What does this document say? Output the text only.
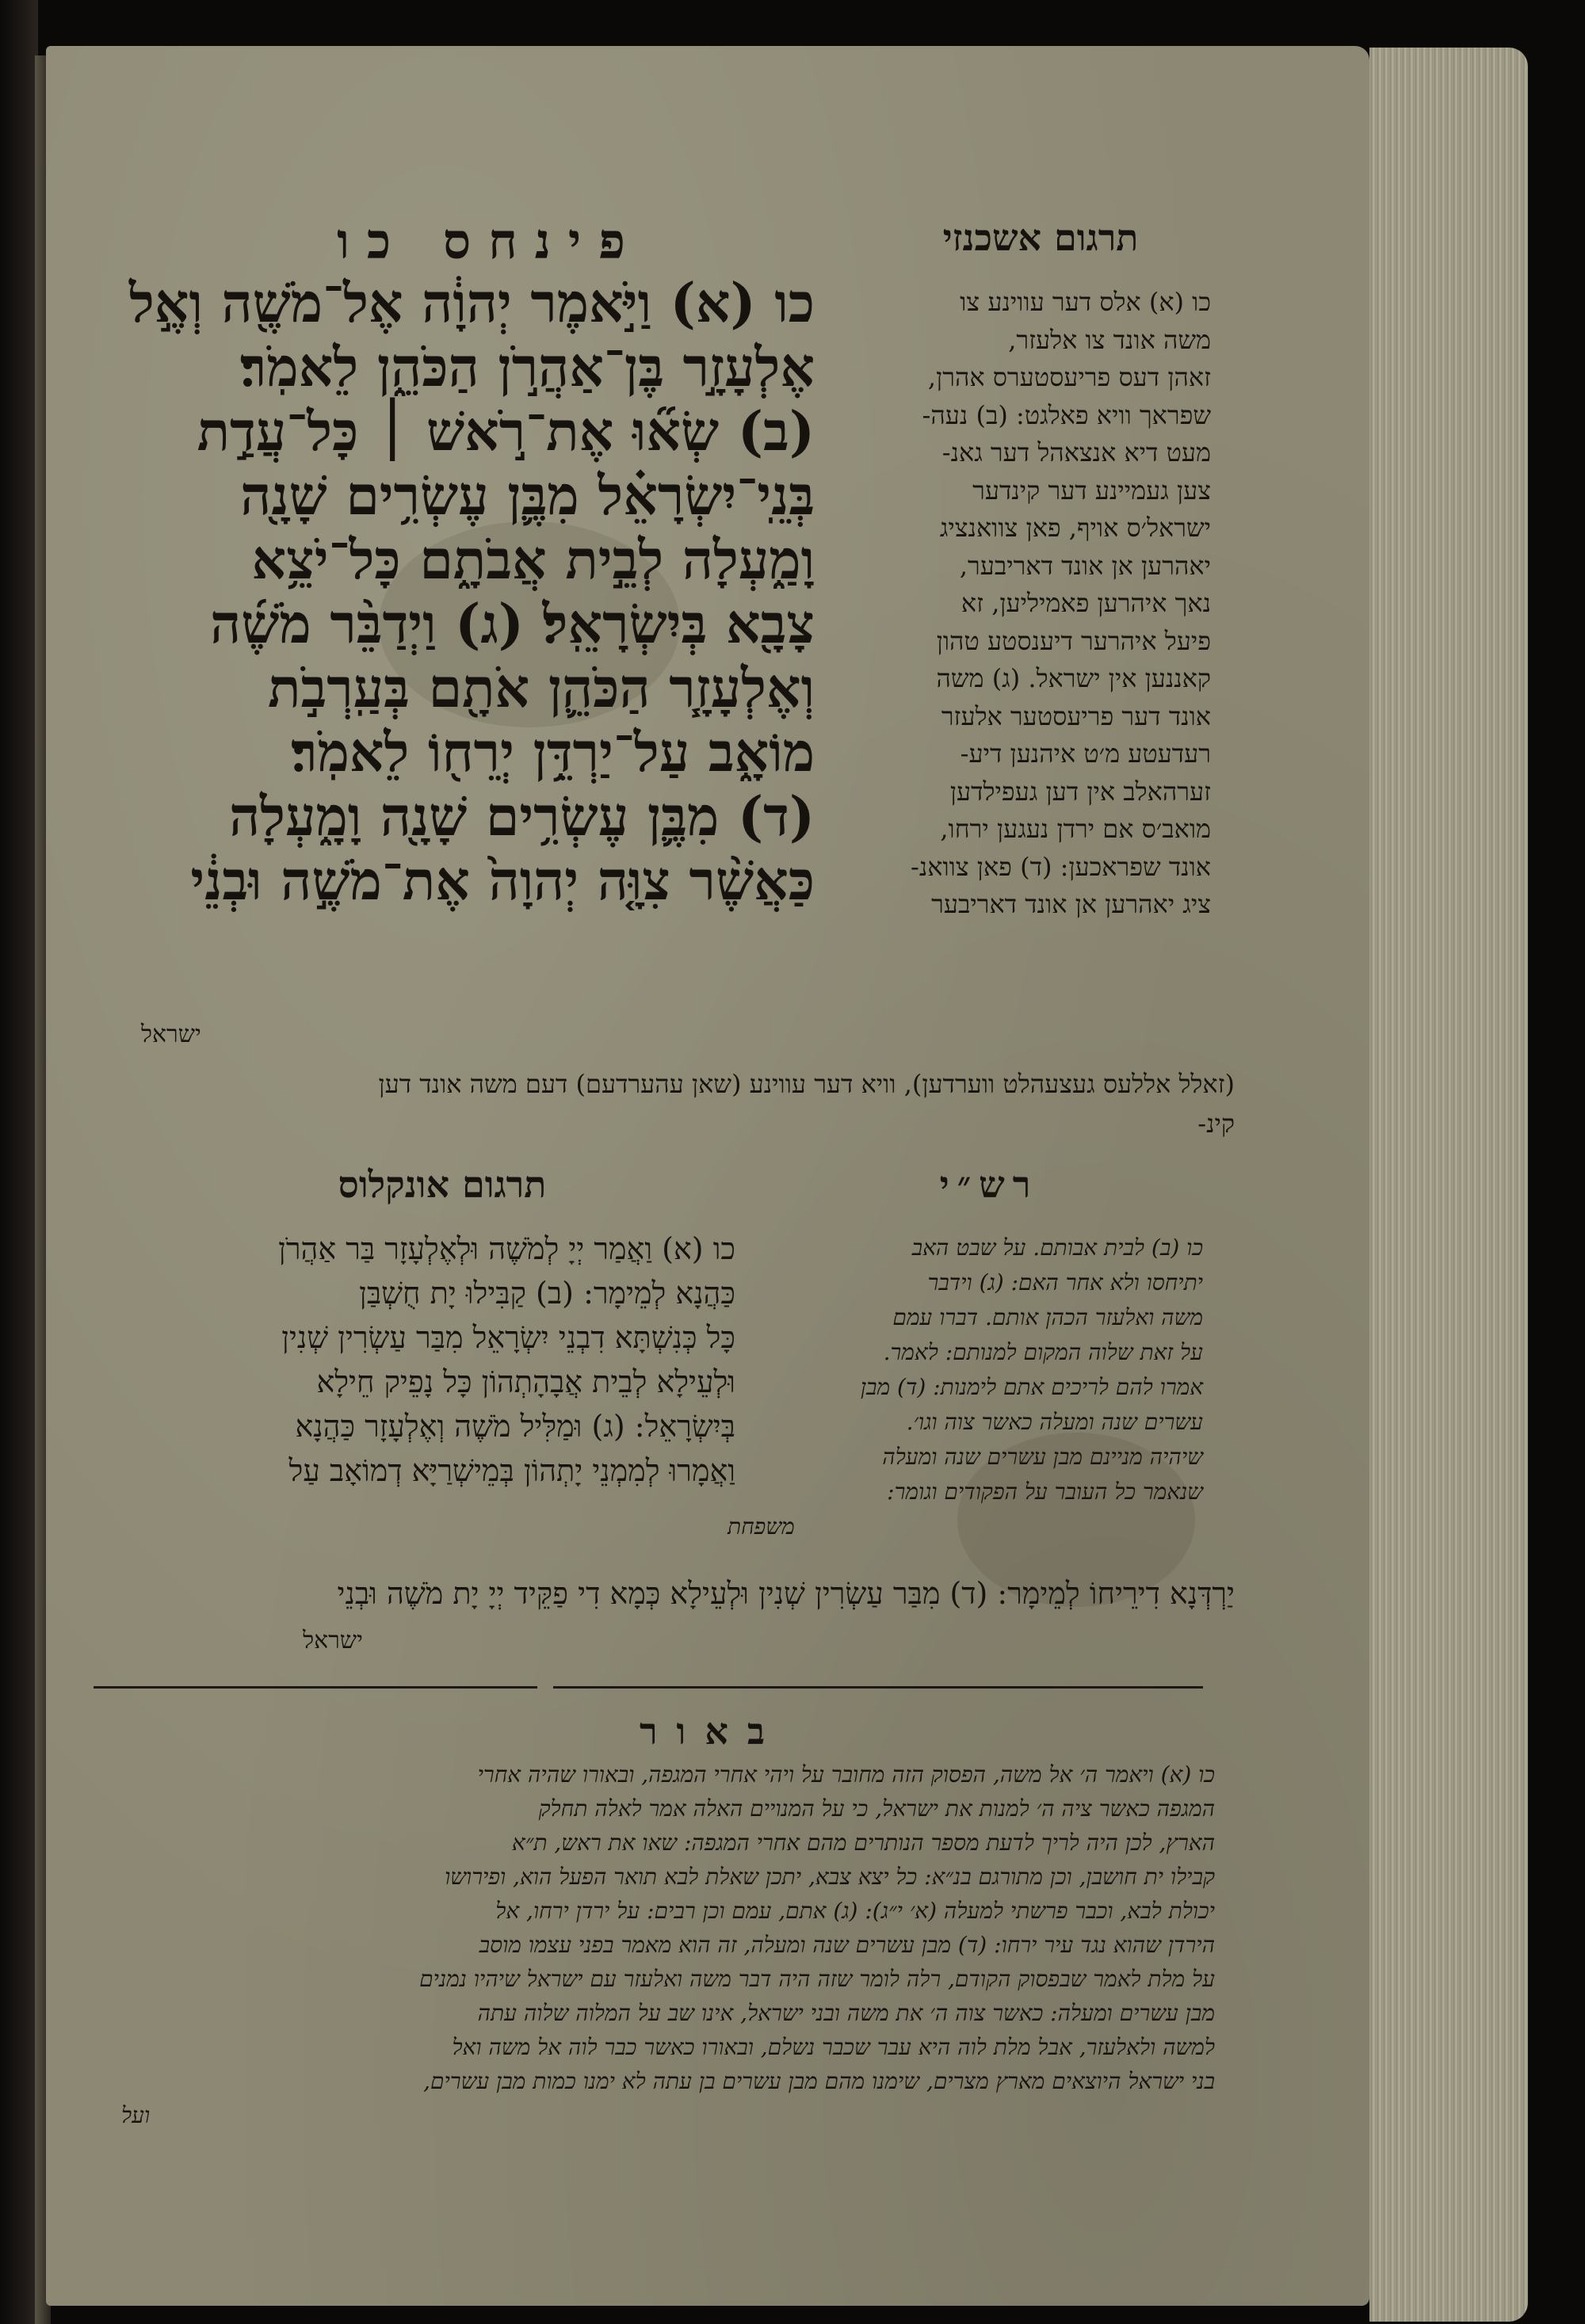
פינחס כו	תרגום אשכנזי
כו (א) וַיֹּ֣אמֶר יְהוָ֔ה אֶל־מֹשֶׁ֖ה וְאֶ֣ל
אֶלְעָזָ֣ר בֶּן־אַהֲרֹ֣ן הַכֹּהֵ֑ן לֵאמֹֽר׃
(ב) שְׂא֞וּ אֶת־רֹ֣אשׁ ׀ כָּל־עֲדַ֣ת
בְּנֵֽי־יִשְׂרָאֵ֗ל מִבֶּ֛ן עֶשְׂרִ֥ים שָׁנָ֖ה
וָמַ֑עְלָה לְבֵ֣ית אֲבֹתָ֑ם כָּל־יֹצֵ֥א
צָבָ֖א בְּיִשְׂרָאֵֽל׃ (ג) וַיְדַבֵּ֨ר מֹשֶׁ֜ה
וְאֶלְעָזָ֧ר הַכֹּהֵ֛ן אֹתָ֖ם בְּעַֽרְבֹ֣ת
מוֹאָ֑ב עַל־יַרְדֵּ֥ן יְרֵח֖וֹ לֵאמֹֽר׃
(ד) מִבֶּ֛ן עֶשְׂרִ֥ים שָׁנָ֖ה וָמָ֑עְלָה
כַּאֲשֶׁ֨ר צִוָּ֤ה יְהוָה֙ אֶת־מֹשֶׁ֣ה וּבְנֵ֔י
ישראל
כו (א) אלס דער עווינע צו
משה אונד צו אלעזר,
זאהן דעס פריעסטערס אהרן,
שפראך וויא פאלגט: (ב) נעה-
מעט דיא אנצאהל דער גאנ-
צען געמיינע דער קינדער
ישראל׳ס אויף, פאן צוואנציג
יאהרען אן אונד דאריבער,
נאך איהרען פאמיליען, זא
פיעל איהרער דיענסטע טהון
קאננען אין ישראל. (ג) משה
אונד דער פריעסטער אלעזר
רעדעטע מ׳ט איהנען דיע-
זערהאלב אין דען געפילדען
מואב׳ס אם ירדן נעגען ירחו,
אונד שפראכען: (ד) פאן צוואנ-
ציג יאהרען אן אונד דאריבער
(זאלל אללעס געצעהלט ווערדען), וויא דער עווינע (שאן עהערדעם) דעם משה אונד דען
קינ-
תרגום אונקלוס
כו (א) וַאֲמַר יְיָ לְמֹשֶׁה וּלְאֶלְעָזָר בַּר אַהֲרֹן
כַּהֲנָא לְמֵימָר: (ב) קַבִּילוּ יָת חֻשְׁבַּן
כָּל כְּנִשְׁתָּא דִבְנֵי יִשְׂרָאֵל מִבַּר עַשְׂרִין שְׁנִין
וּלְעֵילָא לְבֵית אֲבָהָתְהוֹן כָּל נָפֵיק חֵילָא
בְּיִשְׂרָאֵל: (ג) וּמַלִּיל מֹשֶׁה וְאֶלְעָזָר כַּהֲנָא
וַאֲמָרוּ לְמִמְנֵי יָתְהוֹן בְּמֵישְׁרַיָּא דְמוֹאָב עַל
רש״י
כו (ב) לבית אבותם. על שבט האב
יתיחסו ולא אחר האם: (ג) וידבר
משה ואלעזר הכהן אותם. דברו עמם
על זאת שלוה המקום למנותם: לאמר.
אמרו להם לריכים אתם לימנות: (ד) מבן
עשרים שנה ומעלה כאשר צוה וגו׳.
שיהיה מניינם מבן עשרים שנה ומעלה
שנאמר כל העובר על הפקודים וגומר:
משפחת
יַרְדְּנָא דִירֵיחוֹ לְמֵימָר: (ד) מִבַּר עַשְׂרִין שְׁנִין וּלְעֵילָא כְּמָא דִי פַקֵּיד יְיָ יָת מֹשֶׁה וּבְנֵי
ישראל
באור
כו (א) ויאמר ה׳ אל משה, הפסוק הזה מחובר על ויהי אחרי המגפה, ובאורו שהיה אחרי
המגפה כאשר ציה ה׳ למנות את ישראל, כי על המנויים האלה אמר לאלה תחלק
הארץ, לכן היה לריך לדעת מספר הנותרים מהם אחרי המגפה: שאו את ראש, ת״א
קבילו ית חושבן, וכן מתורגם בנ״א: כל יצא צבא, יתכן שאלת לבא תואר הפעל הוא, ופירושו
יכולת לבא, וכבר פרשתי למעלה (א׳ י״ג): (ג) אתם, עמם וכן רבים: על ירדן ירחו, אל
הירדן שהוא נגד עיר ירחו: (ד) מבן עשרים שנה ומעלה, זה הוא מאמר בפני עצמו מוסב
על מלת לאמר שבפסוק הקודם, רלה לומר שזה היה דבר משה ואלעזר עם ישראל שיהיו נמנים
מבן עשרים ומעלה: כאשר צוה ה׳ את משה ובני ישראל, אינו שב על המלוה שלוה עתה
למשה ולאלעזר, אבל מלת לוה היא עבר שכבר נשלם, ובאורו כאשר כבר לוה אל משה ואל
בני ישראל היוצאים מארץ מצרים, שימנו מהם מבן עשרים בן עתה לא ימנו כמות מבן עשרים,
ועל
